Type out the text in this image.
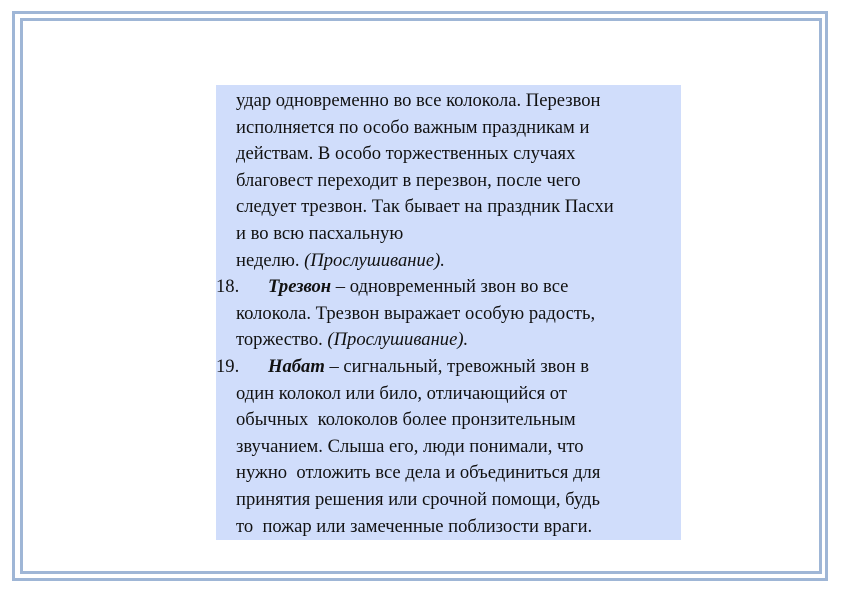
удар одновременно во все колокола. Перезвон
исполняется по особо важным праздникам и
действам. В особо торжественных случаях
благовест переходит в перезвон, после чего
следует трезвон. Так бывает на праздник Пасхи
и во всю пасхальную
неделю. (Прослушивание).
18. Трезвон – одновременный звон во все
колокола. Трезвон выражает особую радость,
торжество. (Прослушивание).
19. Набат – сигнальный, тревожный звон в
один колокол или било, отличающийся от
обычных  колоколов более пронзительным
звучанием. Слыша его, люди понимали, что
нужно  отложить все дела и объединиться для
принятия решения или срочной помощи, будь
то  пожар или замеченные поблизости враги.
